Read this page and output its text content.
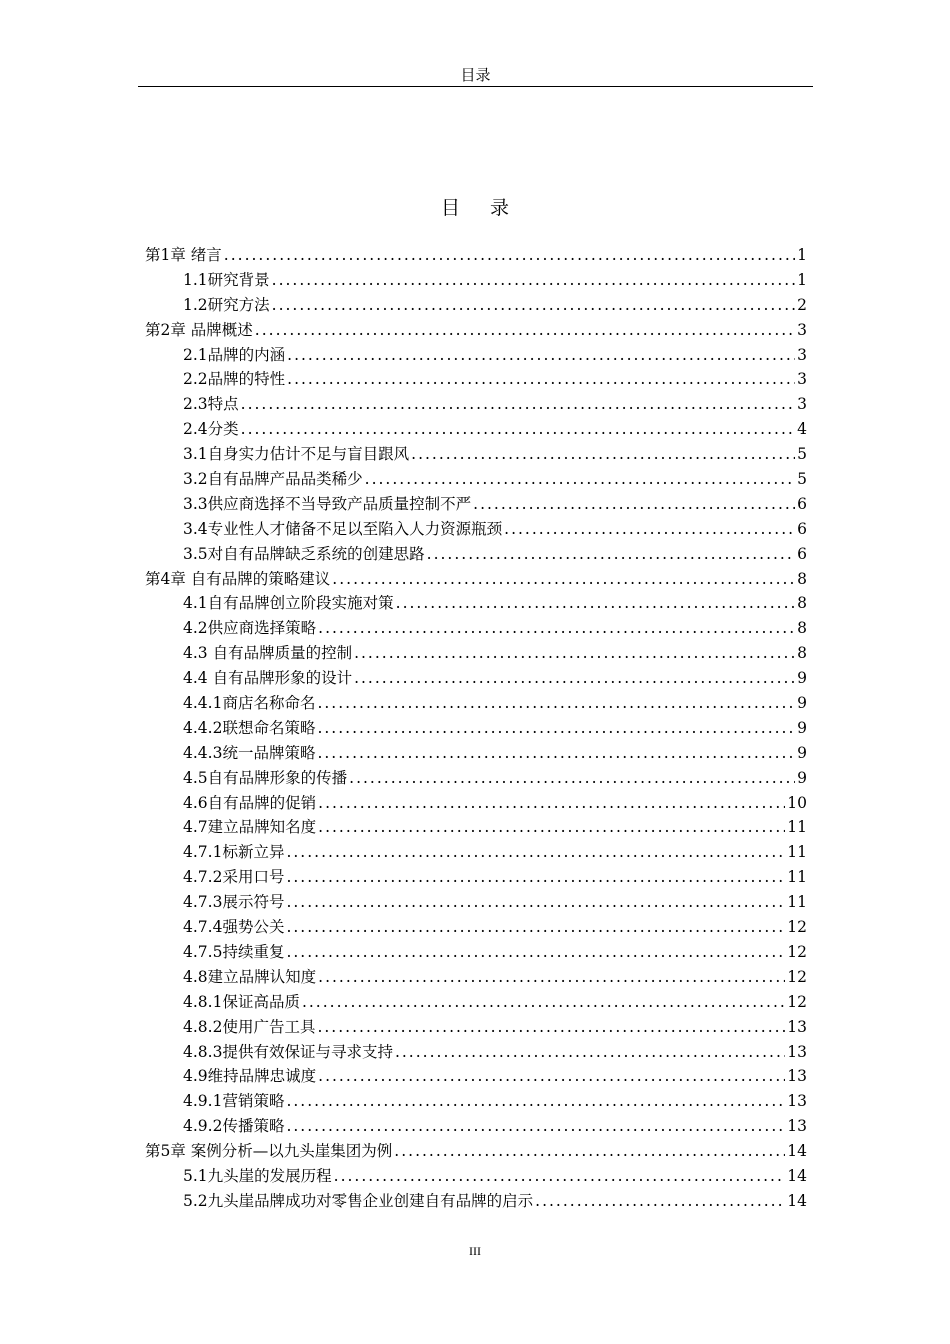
目录
目 录
第1章 绪言 .....	1
1.1研究背景 .....	1
1.2研究方法 .....	2
第2章 品牌概述 .....	3
2.1品牌的内涵 .....	3
2.2品牌的特性 .....	3
2.3特点 .....	3
2.4分类 .....	4
3.1自身实力估计不足与盲目跟风 .....	5
3.2自有品牌产品品类稀少 .....	5
3.3供应商选择不当导致产品质量控制不严 .....	6
3.4专业性人才储备不足以至陷入人力资源瓶颈 .....	6
3.5对自有品牌缺乏系统的创建思路 .....	6
第4章 自有品牌的策略建议 .....	8
4.1自有品牌创立阶段实施对策 .....	8
4.2供应商选择策略 .....	8
4.3 自有品牌质量的控制 .....	8
4.4 自有品牌形象的设计 .....	9
4.4.1商店名称命名 .....	9
4.4.2联想命名策略 .....	9
4.4.3统一品牌策略 .....	9
4.5自有品牌形象的传播 .....	9
4.6自有品牌的促销 .....	10
4.7建立品牌知名度 .....	11
4.7.1标新立异 .....	11
4.7.2采用口号 .....	11
4.7.3展示符号 .....	11
4.7.4强势公关 .....	12
4.7.5持续重复 .....	12
4.8建立品牌认知度 .....	12
4.8.1保证高品质 .....	12
4.8.2使用广告工具 .....	13
4.8.3提供有效保证与寻求支持 .....	13
4.9维持品牌忠诚度 .....	13
4.9.1营销策略 .....	13
4.9.2传播策略 .....	13
第5章 案例分析—以九头崖集团为例 .....	14
5.1九头崖的发展历程 .....	14
5.2九头崖品牌成功对零售企业创建自有品牌的启示 .....	14
III
